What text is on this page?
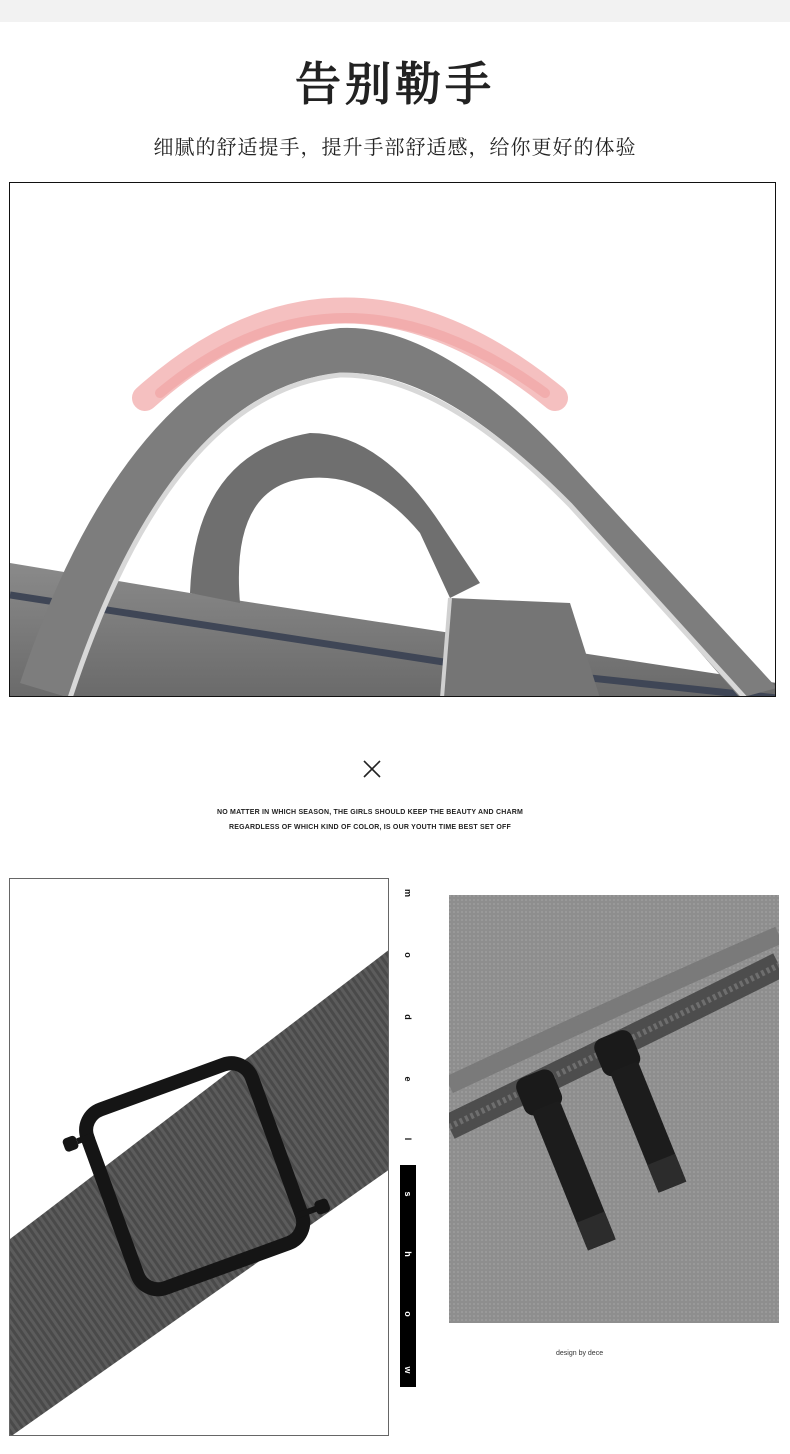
告别勒手
细腻的舒适提手，提升手部舒适感，给你更好的体验
NO MATTER IN WHICH SEASON, THE GIRLS SHOULD KEEP THE BEAUTY AND CHARM
REGARDLESS OF WHICH KIND OF COLOR, IS OUR YOUTH TIME BEST SET OFF
m
o
d
e
l
s
h
o
w
design by dece
